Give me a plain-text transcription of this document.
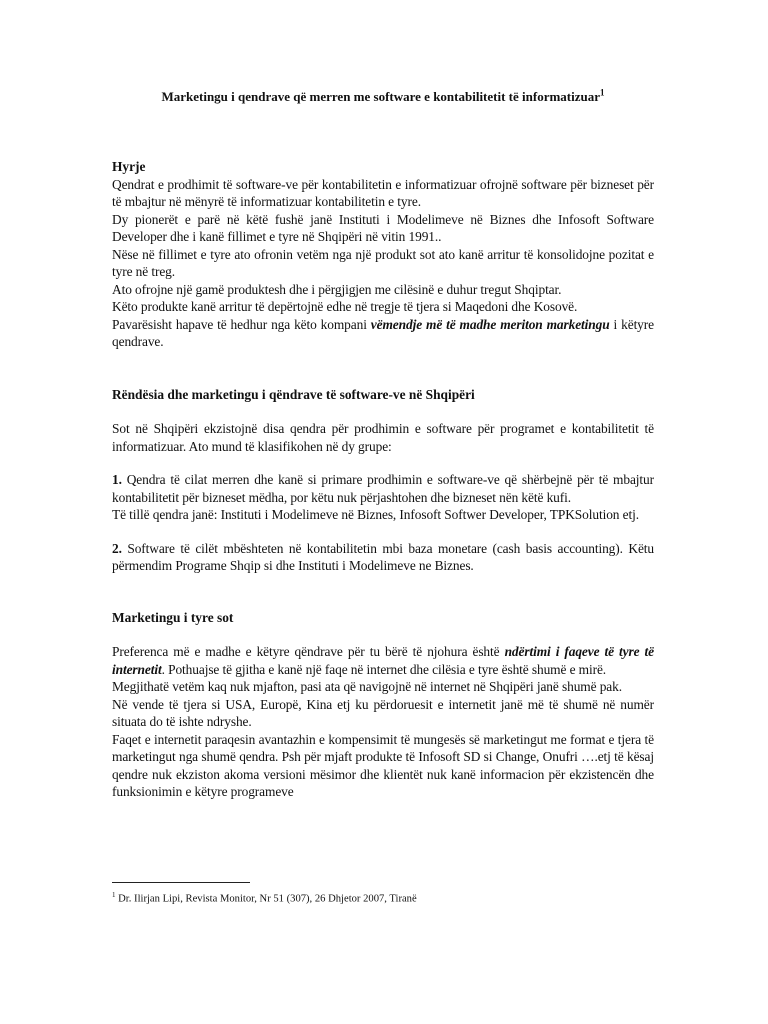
Marketingu i qendrave që merren me software e kontabilitetit të informatizuar$^1$

Hyrje

Qendrat e prodhimit të software-ve për kontabilitetin e informatizuar ofrojnë software për bizneset për të mbajtur në mënyrë të informatizuar kontabilitetin e tyre.

Dy pionerët e parë në këtë fushë janë Instituti i Modelimeve në Biznes dhe Infosoft Software Developer dhe i kanë fillimet e tyre në Shqipëri në vitin 1991..

Nëse në fillimet e tyre ato ofronin vetëm nga një produkt sot ato kanë arritur të konsolidojne pozitat e tyre në treg.

Ato ofrojne një gamë produktesh dhe i përgjigjen me cilësinë e duhur tregut Shqiptar.

Këto produkte kanë arritur të depërtojnë edhe në tregje të tjera si Maqedoni dhe Kosovë.

Pavarësisht hapave të hedhur nga këto kompani vëmendje më të madhe meriton marketingu i këtyre qendrave.

Rëndësia dhe marketingu i qëndrave të software-ve në Shqipëri

Sot në Shqipëri ekzistojnë disa qendra për prodhimin e software për programet e kontabilitetit të informatizuar. Ato mund të klasifikohen në dy grupe:

1. Qendra të cilat merren dhe kanë si primare prodhimin e software-ve që shërbejnë për të mbajtur kontabilitetit për bizneset mëdha, por këtu nuk përjashtohen dhe bizneset nën këtë kufi.

Të tillë qendra janë: Instituti i Modelimeve në Biznes, Infosoft Softwer Developer, TPKSolution etj.

2. Software të cilët mbështeten në kontabilitetin mbi baza monetare (cash basis accounting). Këtu përmendim Programe Shqip si dhe Instituti i Modelimeve ne Biznes.

Marketingu i tyre sot

Preferenca më e madhe e këtyre qëndrave për tu bërë të njohura është ndërtimi i faqeve të tyre të internetit. Pothuajse të gjitha e kanë një faqe në internet dhe cilësia e tyre është shumë e mirë.

Megjithatë vetëm kaq nuk mjafton, pasi ata që navigojnë në internet në Shqipëri janë shumë pak.

Në vende të tjera si USA, Europë, Kina etj ku përdoruesit e internetit janë më të shumë në numër situata do të ishte ndryshe.

Faqet e internetit paraqesin avantazhin e kompensimit të mungesës së marketingut me format e tjera të marketingut nga shumë qendra. Psh për mjaft produkte të Infosoft SD si Change, Onufri ….etj të kësaj qendre nuk ekziston akoma versioni mësimor dhe klientët nuk kanë informacion për ekzistencën dhe funksionimin e këtyre programeve

$^1$ Dr. Ilirjan Lipi, Revista Monitor, Nr 51 (307), 26 Dhjetor 2007, Tiranë
